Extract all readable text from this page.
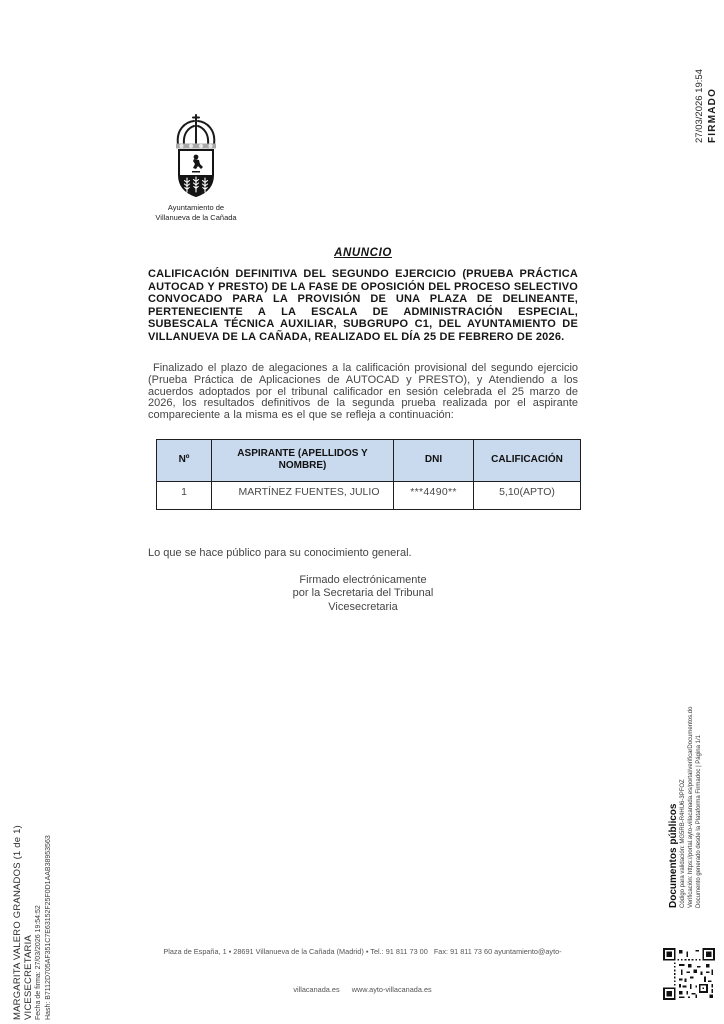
MARGARITA VALERO GRANADOS (1 de 1) VICESECRETARIA Fecha de firma: 27/03/2026 19:54:52 Hash: B7112D705AF351C7E63152F25F0D1AAB38953563
27/03/2026 19:54 FIRMADO
Documentos públicos Código para validación: MG5RB-R4HU6-3PFOZ Verificación: https://portal.ayto-villacanada.es/portal/verificarDocumentos.do Documento generado desde la Plataforma Firmadoc | Página 1/1
Ayuntamiento de
Villanueva de la Cañada
ANUNCIO

CALIFICACIÓN DEFINITIVA DEL SEGUNDO EJERCICIO (PRUEBA PRÁCTICA AUTOCAD Y PRESTO) DE LA FASE DE OPOSICIÓN DEL PROCESO SELECTIVO CONVOCADO PARA LA PROVISIÓN DE UNA PLAZA DE DELINEANTE, PERTENECIENTE A LA ESCALA DE ADMINISTRACIÓN ESPECIAL, SUBESCALA TÉCNICA AUXILIAR, SUBGRUPO C1, DEL AYUNTAMIENTO DE VILLANUEVA DE LA CAÑADA, REALIZADO EL DÍA 25 DE FEBRERO DE 2026.

Finalizado el plazo de alegaciones a la calificación provisional del segundo ejercicio (Prueba Práctica de Aplicaciones de AUTOCAD y PRESTO), y Atendiendo a los acuerdos adoptados por el tribunal calificador en sesión celebrada el 25 marzo de 2026, los resultados definitivos de la segunda prueba realizada por el aspirante compareciente a la misma es el que se refleja a continuación:

Nº	ASPIRANTE (APELLIDOS Y NOMBRE)	DNI	CALIFICACIÓN
1	MARTÍNEZ FUENTES, JULIO	***4490**	5,10(APTO)

Lo que se hace público para su conocimiento general.

Firmado electrónicamente
por la Secretaria del Tribunal
Vicesecretaria

Plaza de España, 1 ▪ 28691 Villanueva de la Cañada (Madrid) ▪ Tel.: 91 811 73 00   Fax: 91 811 73 60 ayuntamiento@ayto-

villacanada.es      www.ayto-villacanada.es
